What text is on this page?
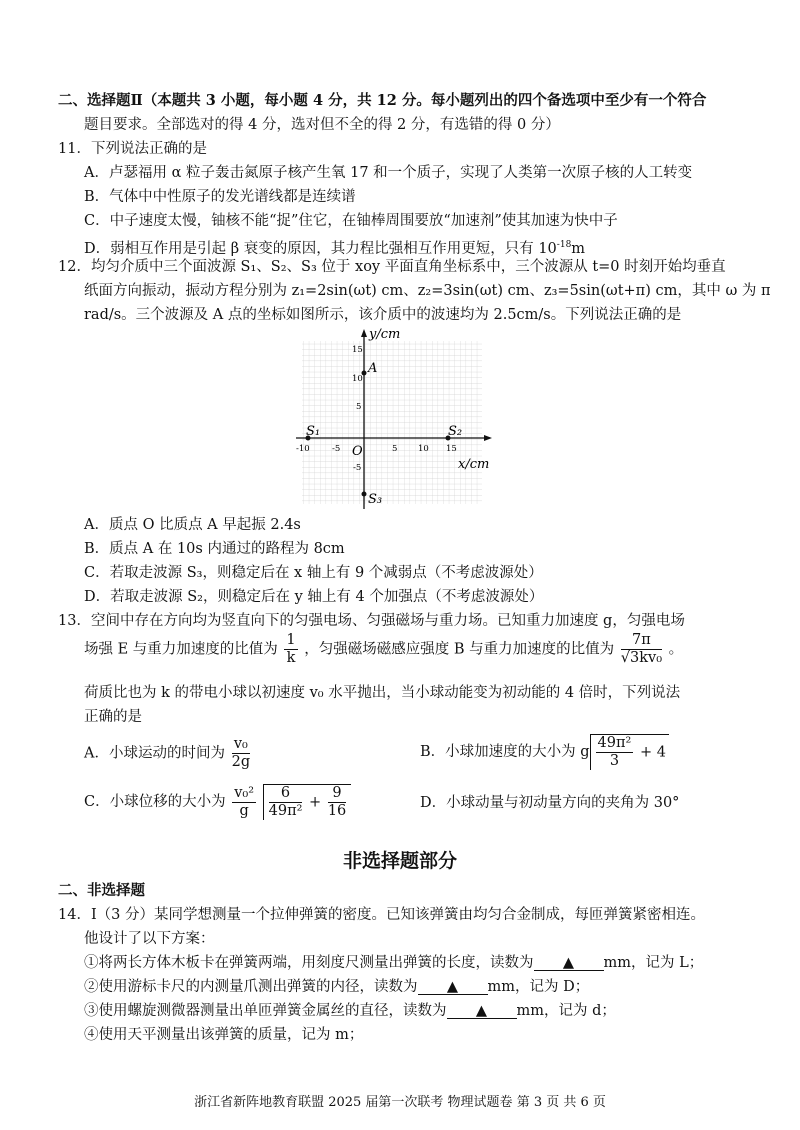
二、选择题Ⅱ（本题共 3 小题，每小题 4 分，共 12 分。每小题列出的四个备选项中至少有一个符合
题目要求。全部选对的得 4 分，选对但不全的得 2 分，有选错的得 0 分）
11．下列说法正确的是
A．卢瑟福用 α 粒子轰击氮原子核产生氧 17 和一个质子，实现了人类第一次原子核的人工转变
B．气体中中性原子的发光谱线都是连续谱
C．中子速度太慢，铀核不能“捉”住它，在铀棒周围要放“加速剂”使其加速为快中子
D．弱相互作用是引起 β 衰变的原因，其力程比强相互作用更短，只有 $10^{-18}m$
12．均匀介质中三个面波源 S₁、S₂、S₃ 位于 xoy 平面直角坐标系中，三个波源从 t=0 时刻开始均垂直
纸面方向振动，振动方程分别为 z₁=2sin(ωt) cm、z₂=3sin(ωt) cm、z₃=5sin(ωt+π) cm，其中 ω 为 π
rad/s。三个波源及 A 点的坐标如图所示，该介质中的波速均为 2.5cm/s。下列说法正确的是
y/cm
x/cm
O
-10	-5	5 10 15
15
10
5
-5
S₁	S₂
S₃
A
A．质点 O 比质点 A 早起振 2.4s
B．质点 A 在 10s 内通过的路程为 8cm
C．若取走波源 S₃，则稳定后在 x 轴上有 9 个减弱点（不考虑波源处）
D．若取走波源 S₂，则稳定后在 y 轴上有 4 个加强点（不考虑波源处）
13．空间中存在方向均为竖直向下的匀强电场、匀强磁场与重力场。已知重力加速度 g，匀强电场
场强 E 与重力加速度的比值为 $\frac{1}{k}$ ，匀强磁场磁感应强度 B 与重力加速度的比值为 $\frac{7\pi}{\text{√3kv₀}}$ 。
荷质比也为 k 的带电小球以初速度 v₀ 水平抛出，当小球动能变为初动能的 4 倍时，下列说法
正确的是
A．小球运动的时间为 $\frac{\text{v₀}}{2g}$	B．小球加速度的大小为 g $\frac{\text{49π²}}{3} + 4$
C．小球位移的大小为 $\frac{\text{v₀²}}{g}$
$\frac{6}{\text{49π²}} + \frac{9}{16}$	D．小球动量与初动量方向的夹角为 30°
非选择题部分
二、非选择题
14．Ⅰ（3 分）某同学想测量一个拉伸弹簧的密度。已知该弹簧由均匀合金制成，每匝弹簧紧密相连。
他设计了以下方案：
①将两长方体木板卡在弹簧两端，用刻度尺测量出弹簧的长度，读数为 ▲ mm，记为 L；
②使用游标卡尺的内测量爪测出弹簧的内径，读数为 ▲ mm，记为 D；
③使用螺旋测微器测量出单匝弹簧金属丝的直径，读数为 ▲ mm，记为 d；
④使用天平测量出该弹簧的质量，记为 m；
浙江省新阵地教育联盟 2025 届第一次联考 物理试题卷 第 3 页 共 6 页
